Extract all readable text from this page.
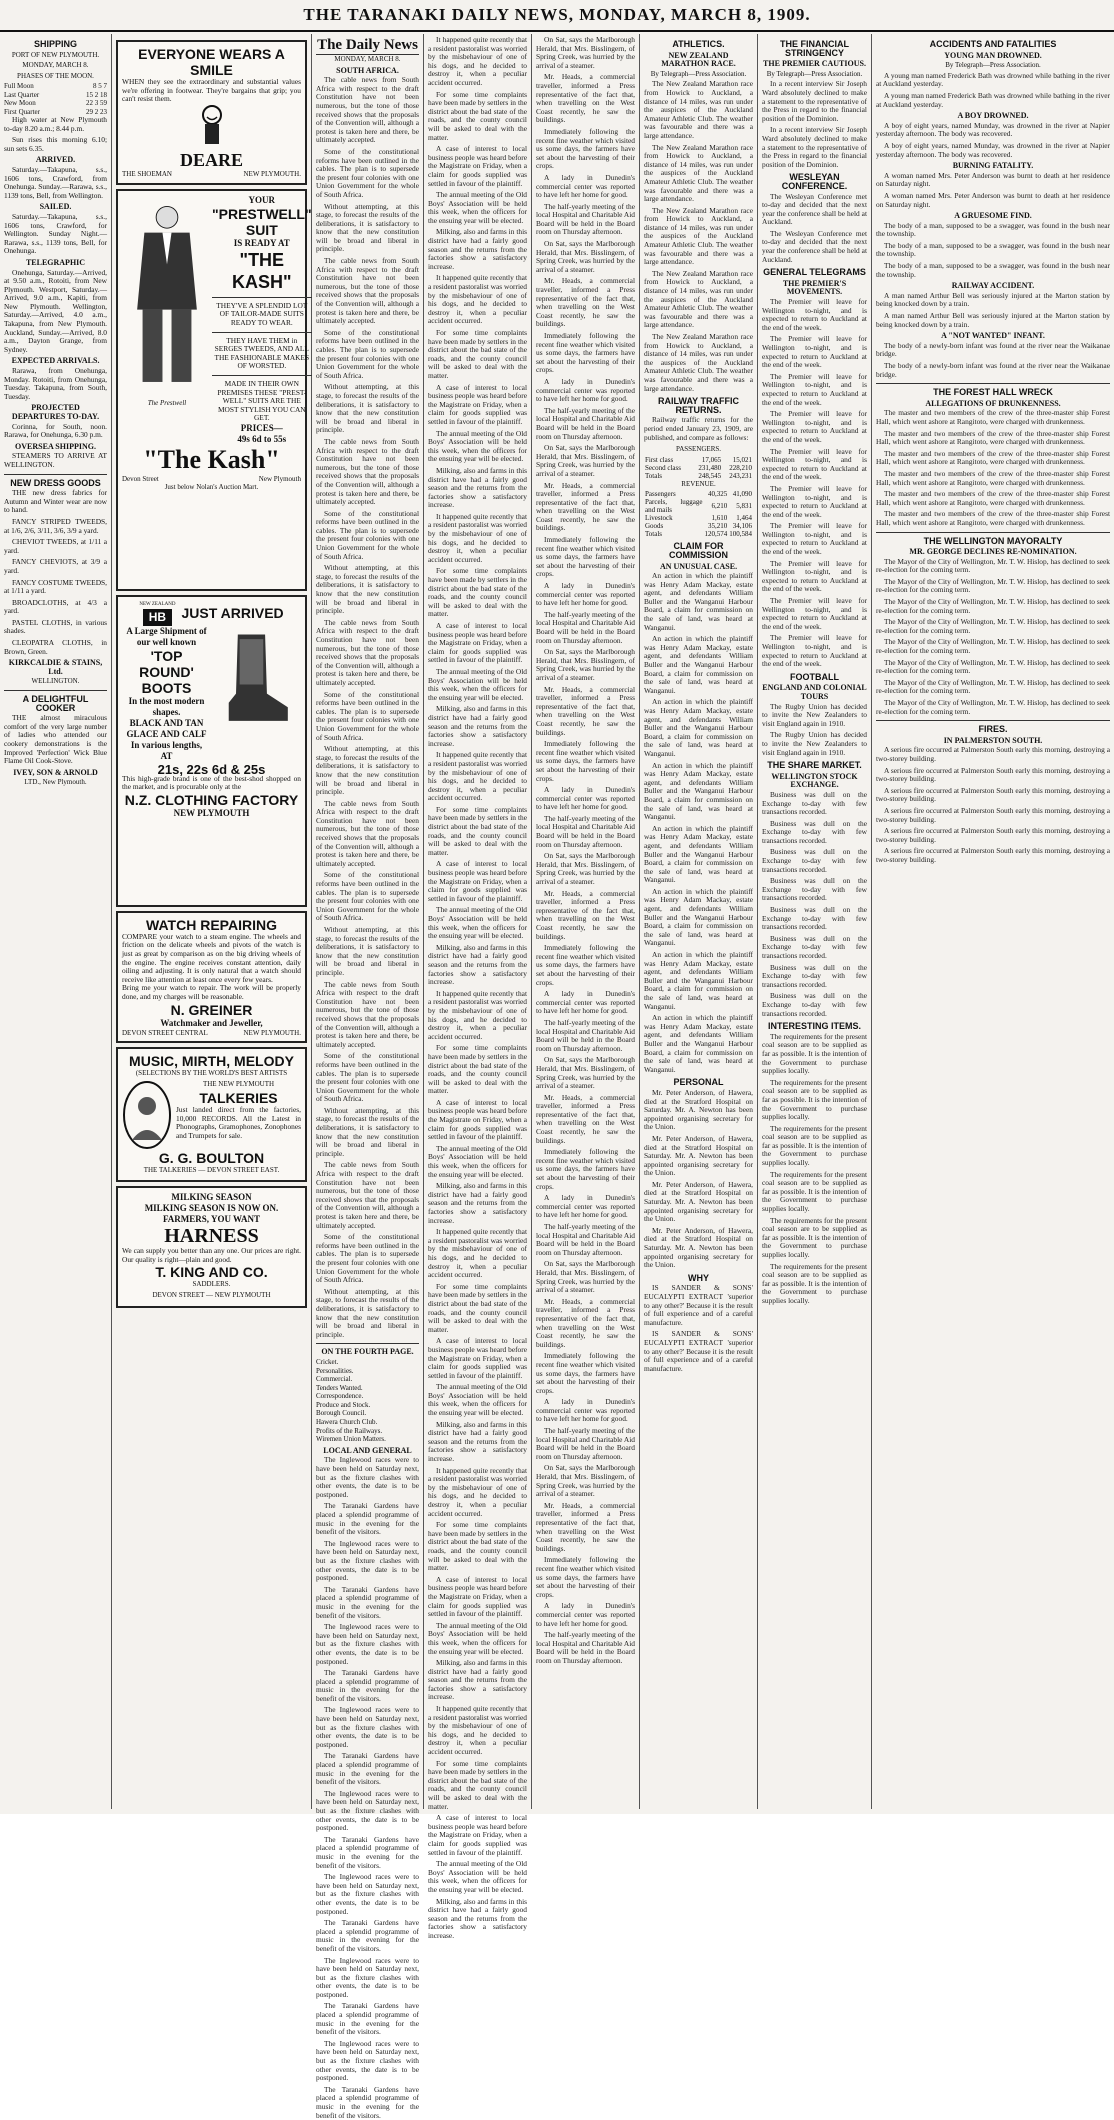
THE TARANAKI DAILY NEWS, MONDAY, MARCH 8, 1909.
SHIPPING
PORT OF NEW PLYMOUTH.
MONDAY, MARCH 8.
PHASES OF THE MOON.
Full Moon	8 5 7
Last Quarter	15 2 18
New Moon	22 3 59
First Quarter	29 2 23

High water at New Plymouth to-day 8.20 a.m.; 8.44 p.m.

Sun rises this morning 6.10; sun sets 6.35.

ARRIVED.

Saturday.—Takapuna, s.s., 1606 tons, Crawford, from Onehunga. Sunday.—Rarawa, s.s., 1139 tons, Bell, from Wellington.

SAILED.

Saturday.—Takapuna, s.s., 1606 tons, Crawford, for Wellington. Sunday Night.—Rarawa, s.s., 1139 tons, Bell, for Onehunga.

TELEGRAPHIC

Onehunga, Saturday.—Arrived, at 9.50 a.m., Rotoiti, from New Plymouth. Westport, Saturday.—Arrived, 9.0 a.m., Kapiti, from New Plymouth. Wellington, Saturday.—Arrived, 4.0 a.m., Takapuna, from New Plymouth. Auckland, Sunday.—Arrived, 8.0 a.m., Dayton Grange, from Sydney.

EXPECTED ARRIVALS.

Rarawa, from Onehunga, Monday. Rotoiti, from Onehunga, Tuesday. Takapuna, from South, Tuesday.

PROJECTED DEPARTURES TO-DAY.

Corinna, for South, noon. Rarawa, for Onehunga, 6.30 p.m.

OVERSEA SHIPPING.

STEAMERS TO ARRIVE AT WELLINGTON.

NEW DRESS GOODS

THE new dress fabrics for Autumn and Winter wear are now to hand.

FANCY STRIPED TWEEDS, at 1/6, 2/6, 3/11, 3/6, 3/9 a yard.

CHEVIOT TWEEDS, at 1/11 a yard.

FANCY CHEVIOTS, at 3/9 a yard.

FANCY COSTUME TWEEDS, at 1/11 a yard.

BROADCLOTHS, at 4/3 a yard.

PASTEL CLOTHS, in various shades.

CLEOPATRA CLOTHS, in Brown, Green.

KIRKCALDIE & STAINS, Ltd.
WELLINGTON.
A DELIGHTFUL COOKER

THE almost miraculous comfort of the very large number of ladies who attended our cookery demonstrations is the Improved 'Perfection' Wick Blue Flame Oil Cook-Stove.

IVEY, SON & ARNOLD
LTD., New Plymouth.
EVERYONE WEARS A SMILE
WHEN they see the extraordinary and substantial values we're offering in footwear. They're bargains that grip; you can't resist them.
DEARE
THE SHOEMAN	NEW PLYMOUTH.
The Prestwell
YOUR
"PRESTWELL"
SUIT
IS READY AT
"THE KASH"
THEY'VE A SPLENDID LOT OF TAILOR-MADE SUITS READY TO WEAR.
THEY HAVE THEM in SERGES TWEEDS, AND ALL THE FASHIONABLE MAKES OF WORSTED.
MADE IN THEIR OWN PREMISES THESE "PREST-WELL" SUITS ARE THE MOST STYLISH YOU CAN GET.
PRICES—
49s 6d to 55s
"The Kash"
Devon Street	New Plymouth
Just below Nolan's Auction Mart.
NEW ZEALAND
HB	JUST ARRIVED
A Large Shipment of our well known
'TOP ROUND' BOOTS
In the most modern shapes.
BLACK AND TAN
GLACE AND CALF
In various lengths,
AT
21s, 22s 6d & 25s
This high-grade brand is one of the best-shod shopped on the market, and is procurable only at the
N.Z. CLOTHING FACTORY
NEW PLYMOUTH
WATCH REPAIRING
COMPARE your watch to a steam engine. The wheels and friction on the delicate wheels and pivots of the watch is just as great by comparison as on the big driving wheels of the engine. The engine receives constant attention, daily oiling and adjusting. It is only natural that a watch should receive like attention at least once every few years.
Bring me your watch to repair. The work will be properly done, and my charges will be reasonable.
N. GREINER
Watchmaker and Jeweller,
DEVON STREET CENTRAL	NEW PLYMOUTH.
MUSIC, MIRTH, MELODY
(SELECTIONS BY THE WORLD'S BEST ARTISTS
THE NEW PLYMOUTH
TALKERIES
Just landed direct from the factories, 10,000 RECORDS. All the Latest in Phonographs, Gramophones, Zonophones and Trumpets for sale.
G. G. BOULTON
THE TALKERIES — DEVON STREET EAST.
MILKING SEASON
MILKING SEASON IS NOW ON. FARMERS, YOU WANT
HARNESS
We can supply you better than any one. Our prices are right. Our quality is right—plain and good.
T. KING AND CO.
SADDLERS.
DEVON STREET — NEW PLYMOUTH
The Daily News
MONDAY, MARCH 8.
SOUTH AFRICA.

The cable news from South Africa with respect to the draft Constitution have not been numerous, but the tone of those received shows that the proposals of the Convention will, although a protest is taken here and there, be ultimately accepted.

Some of the constitutional reforms have been outlined in the cables. The plan is to supersede the present four colonies with one Union Government for the whole of South Africa.

Without attempting, at this stage, to forecast the results of the deliberations, it is satisfactory to know that the new constitution will be broad and liberal in principle.

The cable news from South Africa with respect to the draft Constitution have not been numerous, but the tone of those received shows that the proposals of the Convention will, although a protest is taken here and there, be ultimately accepted.

Some of the constitutional reforms have been outlined in the cables. The plan is to supersede the present four colonies with one Union Government for the whole of South Africa.

Without attempting, at this stage, to forecast the results of the deliberations, it is satisfactory to know that the new constitution will be broad and liberal in principle.

The cable news from South Africa with respect to the draft Constitution have not been numerous, but the tone of those received shows that the proposals of the Convention will, although a protest is taken here and there, be ultimately accepted.

Some of the constitutional reforms have been outlined in the cables. The plan is to supersede the present four colonies with one Union Government for the whole of South Africa.

Without attempting, at this stage, to forecast the results of the deliberations, it is satisfactory to know that the new constitution will be broad and liberal in principle.

The cable news from South Africa with respect to the draft Constitution have not been numerous, but the tone of those received shows that the proposals of the Convention will, although a protest is taken here and there, be ultimately accepted.

Some of the constitutional reforms have been outlined in the cables. The plan is to supersede the present four colonies with one Union Government for the whole of South Africa.

Without attempting, at this stage, to forecast the results of the deliberations, it is satisfactory to know that the new constitution will be broad and liberal in principle.

The cable news from South Africa with respect to the draft Constitution have not been numerous, but the tone of those received shows that the proposals of the Convention will, although a protest is taken here and there, be ultimately accepted.

Some of the constitutional reforms have been outlined in the cables. The plan is to supersede the present four colonies with one Union Government for the whole of South Africa.

Without attempting, at this stage, to forecast the results of the deliberations, it is satisfactory to know that the new constitution will be broad and liberal in principle.

The cable news from South Africa with respect to the draft Constitution have not been numerous, but the tone of those received shows that the proposals of the Convention will, although a protest is taken here and there, be ultimately accepted.

Some of the constitutional reforms have been outlined in the cables. The plan is to supersede the present four colonies with one Union Government for the whole of South Africa.

Without attempting, at this stage, to forecast the results of the deliberations, it is satisfactory to know that the new constitution will be broad and liberal in principle.

The cable news from South Africa with respect to the draft Constitution have not been numerous, but the tone of those received shows that the proposals of the Convention will, although a protest is taken here and there, be ultimately accepted.

Some of the constitutional reforms have been outlined in the cables. The plan is to supersede the present four colonies with one Union Government for the whole of South Africa.

Without attempting, at this stage, to forecast the results of the deliberations, it is satisfactory to know that the new constitution will be broad and liberal in principle.

ON THE FOURTH PAGE.
Cricket.
Personalities.
Commercial.
Tenders Wanted.
Correspondence.
Produce and Stock.
Borough Council.
Hawera Church Club.
Profits of the Railways.
Wiremen Union Matters.
LOCAL AND GENERAL

The Inglewood races were to have been held on Saturday next, but as the fixture clashes with other events, the date is to be postponed.

The Taranaki Gardens have placed a splendid programme of music in the evening for the benefit of the visitors.

The Inglewood races were to have been held on Saturday next, but as the fixture clashes with other events, the date is to be postponed.

The Taranaki Gardens have placed a splendid programme of music in the evening for the benefit of the visitors.

The Inglewood races were to have been held on Saturday next, but as the fixture clashes with other events, the date is to be postponed.

The Taranaki Gardens have placed a splendid programme of music in the evening for the benefit of the visitors.

The Inglewood races were to have been held on Saturday next, but as the fixture clashes with other events, the date is to be postponed.

The Taranaki Gardens have placed a splendid programme of music in the evening for the benefit of the visitors.

The Inglewood races were to have been held on Saturday next, but as the fixture clashes with other events, the date is to be postponed.

The Taranaki Gardens have placed a splendid programme of music in the evening for the benefit of the visitors.

The Inglewood races were to have been held on Saturday next, but as the fixture clashes with other events, the date is to be postponed.

The Taranaki Gardens have placed a splendid programme of music in the evening for the benefit of the visitors.

The Inglewood races were to have been held on Saturday next, but as the fixture clashes with other events, the date is to be postponed.

The Taranaki Gardens have placed a splendid programme of music in the evening for the benefit of the visitors.

The Inglewood races were to have been held on Saturday next, but as the fixture clashes with other events, the date is to be postponed.

The Taranaki Gardens have placed a splendid programme of music in the evening for the benefit of the visitors.

It happened quite recently that a resident pastoralist was worried by the misbehaviour of one of his dogs, and he decided to destroy it, when a peculiar accident occurred.

For some time complaints have been made by settlers in the district about the bad state of the roads, and the county council will be asked to deal with the matter.

A case of interest to local business people was heard before the Magistrate on Friday, when a claim for goods supplied was settled in favour of the plaintiff.

The annual meeting of the Old Boys' Association will be held this week, when the officers for the ensuing year will be elected.

Milking, also and farms in this district have had a fairly good season and the returns from the factories show a satisfactory increase.

It happened quite recently that a resident pastoralist was worried by the misbehaviour of one of his dogs, and he decided to destroy it, when a peculiar accident occurred.

For some time complaints have been made by settlers in the district about the bad state of the roads, and the county council will be asked to deal with the matter.

A case of interest to local business people was heard before the Magistrate on Friday, when a claim for goods supplied was settled in favour of the plaintiff.

The annual meeting of the Old Boys' Association will be held this week, when the officers for the ensuing year will be elected.

Milking, also and farms in this district have had a fairly good season and the returns from the factories show a satisfactory increase.

It happened quite recently that a resident pastoralist was worried by the misbehaviour of one of his dogs, and he decided to destroy it, when a peculiar accident occurred.

For some time complaints have been made by settlers in the district about the bad state of the roads, and the county council will be asked to deal with the matter.

A case of interest to local business people was heard before the Magistrate on Friday, when a claim for goods supplied was settled in favour of the plaintiff.

The annual meeting of the Old Boys' Association will be held this week, when the officers for the ensuing year will be elected.

Milking, also and farms in this district have had a fairly good season and the returns from the factories show a satisfactory increase.

It happened quite recently that a resident pastoralist was worried by the misbehaviour of one of his dogs, and he decided to destroy it, when a peculiar accident occurred.

For some time complaints have been made by settlers in the district about the bad state of the roads, and the county council will be asked to deal with the matter.

A case of interest to local business people was heard before the Magistrate on Friday, when a claim for goods supplied was settled in favour of the plaintiff.

The annual meeting of the Old Boys' Association will be held this week, when the officers for the ensuing year will be elected.

Milking, also and farms in this district have had a fairly good season and the returns from the factories show a satisfactory increase.

It happened quite recently that a resident pastoralist was worried by the misbehaviour of one of his dogs, and he decided to destroy it, when a peculiar accident occurred.

For some time complaints have been made by settlers in the district about the bad state of the roads, and the county council will be asked to deal with the matter.

A case of interest to local business people was heard before the Magistrate on Friday, when a claim for goods supplied was settled in favour of the plaintiff.

The annual meeting of the Old Boys' Association will be held this week, when the officers for the ensuing year will be elected.

Milking, also and farms in this district have had a fairly good season and the returns from the factories show a satisfactory increase.

It happened quite recently that a resident pastoralist was worried by the misbehaviour of one of his dogs, and he decided to destroy it, when a peculiar accident occurred.

For some time complaints have been made by settlers in the district about the bad state of the roads, and the county council will be asked to deal with the matter.

A case of interest to local business people was heard before the Magistrate on Friday, when a claim for goods supplied was settled in favour of the plaintiff.

The annual meeting of the Old Boys' Association will be held this week, when the officers for the ensuing year will be elected.

Milking, also and farms in this district have had a fairly good season and the returns from the factories show a satisfactory increase.

It happened quite recently that a resident pastoralist was worried by the misbehaviour of one of his dogs, and he decided to destroy it, when a peculiar accident occurred.

For some time complaints have been made by settlers in the district about the bad state of the roads, and the county council will be asked to deal with the matter.

A case of interest to local business people was heard before the Magistrate on Friday, when a claim for goods supplied was settled in favour of the plaintiff.

The annual meeting of the Old Boys' Association will be held this week, when the officers for the ensuing year will be elected.

Milking, also and farms in this district have had a fairly good season and the returns from the factories show a satisfactory increase.

It happened quite recently that a resident pastoralist was worried by the misbehaviour of one of his dogs, and he decided to destroy it, when a peculiar accident occurred.

For some time complaints have been made by settlers in the district about the bad state of the roads, and the county council will be asked to deal with the matter.

A case of interest to local business people was heard before the Magistrate on Friday, when a claim for goods supplied was settled in favour of the plaintiff.

The annual meeting of the Old Boys' Association will be held this week, when the officers for the ensuing year will be elected.

Milking, also and farms in this district have had a fairly good season and the returns from the factories show a satisfactory increase.

On Sat, says the Marlborough Herald, that Mrs. Bisslingern, of Spring Creek, was hurried by the arrival of a steamer.

Mr. Heads, a commercial traveller, informed a Press representative of the fact that, when travelling on the West Coast recently, he saw the buildings.

Immediately following the recent fine weather which visited us some days, the farmers have set about the harvesting of their crops.

A lady in Dunedin's commercial center was reported to have left her home for good.

The half-yearly meeting of the local Hospital and Charitable Aid Board will be held in the Board room on Thursday afternoon.

On Sat, says the Marlborough Herald, that Mrs. Bisslingern, of Spring Creek, was hurried by the arrival of a steamer.

Mr. Heads, a commercial traveller, informed a Press representative of the fact that, when travelling on the West Coast recently, he saw the buildings.

Immediately following the recent fine weather which visited us some days, the farmers have set about the harvesting of their crops.

A lady in Dunedin's commercial center was reported to have left her home for good.

The half-yearly meeting of the local Hospital and Charitable Aid Board will be held in the Board room on Thursday afternoon.

On Sat, says the Marlborough Herald, that Mrs. Bisslingern, of Spring Creek, was hurried by the arrival of a steamer.

Mr. Heads, a commercial traveller, informed a Press representative of the fact that, when travelling on the West Coast recently, he saw the buildings.

Immediately following the recent fine weather which visited us some days, the farmers have set about the harvesting of their crops.

A lady in Dunedin's commercial center was reported to have left her home for good.

The half-yearly meeting of the local Hospital and Charitable Aid Board will be held in the Board room on Thursday afternoon.

On Sat, says the Marlborough Herald, that Mrs. Bisslingern, of Spring Creek, was hurried by the arrival of a steamer.

Mr. Heads, a commercial traveller, informed a Press representative of the fact that, when travelling on the West Coast recently, he saw the buildings.

Immediately following the recent fine weather which visited us some days, the farmers have set about the harvesting of their crops.

A lady in Dunedin's commercial center was reported to have left her home for good.

The half-yearly meeting of the local Hospital and Charitable Aid Board will be held in the Board room on Thursday afternoon.

On Sat, says the Marlborough Herald, that Mrs. Bisslingern, of Spring Creek, was hurried by the arrival of a steamer.

Mr. Heads, a commercial traveller, informed a Press representative of the fact that, when travelling on the West Coast recently, he saw the buildings.

Immediately following the recent fine weather which visited us some days, the farmers have set about the harvesting of their crops.

A lady in Dunedin's commercial center was reported to have left her home for good.

The half-yearly meeting of the local Hospital and Charitable Aid Board will be held in the Board room on Thursday afternoon.

On Sat, says the Marlborough Herald, that Mrs. Bisslingern, of Spring Creek, was hurried by the arrival of a steamer.

Mr. Heads, a commercial traveller, informed a Press representative of the fact that, when travelling on the West Coast recently, he saw the buildings.

Immediately following the recent fine weather which visited us some days, the farmers have set about the harvesting of their crops.

A lady in Dunedin's commercial center was reported to have left her home for good.

The half-yearly meeting of the local Hospital and Charitable Aid Board will be held in the Board room on Thursday afternoon.

On Sat, says the Marlborough Herald, that Mrs. Bisslingern, of Spring Creek, was hurried by the arrival of a steamer.

Mr. Heads, a commercial traveller, informed a Press representative of the fact that, when travelling on the West Coast recently, he saw the buildings.

Immediately following the recent fine weather which visited us some days, the farmers have set about the harvesting of their crops.

A lady in Dunedin's commercial center was reported to have left her home for good.

The half-yearly meeting of the local Hospital and Charitable Aid Board will be held in the Board room on Thursday afternoon.

On Sat, says the Marlborough Herald, that Mrs. Bisslingern, of Spring Creek, was hurried by the arrival of a steamer.

Mr. Heads, a commercial traveller, informed a Press representative of the fact that, when travelling on the West Coast recently, he saw the buildings.

Immediately following the recent fine weather which visited us some days, the farmers have set about the harvesting of their crops.

A lady in Dunedin's commercial center was reported to have left her home for good.

The half-yearly meeting of the local Hospital and Charitable Aid Board will be held in the Board room on Thursday afternoon.

ATHLETICS.
NEW ZEALAND MARATHON RACE.
By Telegraph—Press Association.

The New Zealand Marathon race from Howick to Auckland, a distance of 14 miles, was run under the auspices of the Auckland Amateur Athletic Club. The weather was favourable and there was a large attendance.

The New Zealand Marathon race from Howick to Auckland, a distance of 14 miles, was run under the auspices of the Auckland Amateur Athletic Club. The weather was favourable and there was a large attendance.

The New Zealand Marathon race from Howick to Auckland, a distance of 14 miles, was run under the auspices of the Auckland Amateur Athletic Club. The weather was favourable and there was a large attendance.

The New Zealand Marathon race from Howick to Auckland, a distance of 14 miles, was run under the auspices of the Auckland Amateur Athletic Club. The weather was favourable and there was a large attendance.

The New Zealand Marathon race from Howick to Auckland, a distance of 14 miles, was run under the auspices of the Auckland Amateur Athletic Club. The weather was favourable and there was a large attendance.

RAILWAY TRAFFIC RETURNS.

Railway traffic returns for the period ended January 23, 1909, are published, and compare as follows:

PASSENGERS.
First class	17,065	15,021
Second class	231,480	228,210
Totals	248,545	243,231
REVENUE.
Passengers	40,325	41,090
Parcels, luggage and mails	6,210	5,831
Livestock	1,610	1,464
Goods	35,210	34,106
Totals	120,574	100,584
CLAIM FOR COMMISSION
AN UNUSUAL CASE.

An action in which the plaintiff was Henry Adam Mackay, estate agent, and defendants William Buller and the Wanganui Harbour Board, a claim for commission on the sale of land, was heard at Wanganui.

An action in which the plaintiff was Henry Adam Mackay, estate agent, and defendants William Buller and the Wanganui Harbour Board, a claim for commission on the sale of land, was heard at Wanganui.

An action in which the plaintiff was Henry Adam Mackay, estate agent, and defendants William Buller and the Wanganui Harbour Board, a claim for commission on the sale of land, was heard at Wanganui.

An action in which the plaintiff was Henry Adam Mackay, estate agent, and defendants William Buller and the Wanganui Harbour Board, a claim for commission on the sale of land, was heard at Wanganui.

An action in which the plaintiff was Henry Adam Mackay, estate agent, and defendants William Buller and the Wanganui Harbour Board, a claim for commission on the sale of land, was heard at Wanganui.

An action in which the plaintiff was Henry Adam Mackay, estate agent, and defendants William Buller and the Wanganui Harbour Board, a claim for commission on the sale of land, was heard at Wanganui.

An action in which the plaintiff was Henry Adam Mackay, estate agent, and defendants William Buller and the Wanganui Harbour Board, a claim for commission on the sale of land, was heard at Wanganui.

An action in which the plaintiff was Henry Adam Mackay, estate agent, and defendants William Buller and the Wanganui Harbour Board, a claim for commission on the sale of land, was heard at Wanganui.

PERSONAL

Mr. Peter Anderson, of Hawera, died at the Stratford Hospital on Saturday. Mr. A. Newton has been appointed organising secretary for the Union.

Mr. Peter Anderson, of Hawera, died at the Stratford Hospital on Saturday. Mr. A. Newton has been appointed organising secretary for the Union.

Mr. Peter Anderson, of Hawera, died at the Stratford Hospital on Saturday. Mr. A. Newton has been appointed organising secretary for the Union.

Mr. Peter Anderson, of Hawera, died at the Stratford Hospital on Saturday. Mr. A. Newton has been appointed organising secretary for the Union.

WHY

IS SANDER & SONS' EUCALYPTI EXTRACT 'superior to any other?' Because it is the result of full experience and of a careful manufacture.

IS SANDER & SONS' EUCALYPTI EXTRACT 'superior to any other?' Because it is the result of full experience and of a careful manufacture.

THE FINANCIAL STRINGENCY
THE PREMIER CAUTIOUS.
By Telegraph—Press Association.

In a recent interview Sir Joseph Ward absolutely declined to make a statement to the representative of the Press in regard to the financial position of the Dominion.

In a recent interview Sir Joseph Ward absolutely declined to make a statement to the representative of the Press in regard to the financial position of the Dominion.

WESLEYAN CONFERENCE.

The Wesleyan Conference met to-day and decided that the next year the conference shall be held at Auckland.

The Wesleyan Conference met to-day and decided that the next year the conference shall be held at Auckland.

GENERAL TELEGRAMS
THE PREMIER'S MOVEMENTS.

The Premier will leave for Wellington to-night, and is expected to return to Auckland at the end of the week.

The Premier will leave for Wellington to-night, and is expected to return to Auckland at the end of the week.

The Premier will leave for Wellington to-night, and is expected to return to Auckland at the end of the week.

The Premier will leave for Wellington to-night, and is expected to return to Auckland at the end of the week.

The Premier will leave for Wellington to-night, and is expected to return to Auckland at the end of the week.

The Premier will leave for Wellington to-night, and is expected to return to Auckland at the end of the week.

The Premier will leave for Wellington to-night, and is expected to return to Auckland at the end of the week.

The Premier will leave for Wellington to-night, and is expected to return to Auckland at the end of the week.

The Premier will leave for Wellington to-night, and is expected to return to Auckland at the end of the week.

The Premier will leave for Wellington to-night, and is expected to return to Auckland at the end of the week.

FOOTBALL
ENGLAND AND COLONIAL TOURS

The Rugby Union has decided to invite the New Zealanders to visit England again in 1910.

The Rugby Union has decided to invite the New Zealanders to visit England again in 1910.

THE SHARE MARKET.
WELLINGTON STOCK EXCHANGE.

Business was dull on the Exchange to-day with few transactions recorded.

Business was dull on the Exchange to-day with few transactions recorded.

Business was dull on the Exchange to-day with few transactions recorded.

Business was dull on the Exchange to-day with few transactions recorded.

Business was dull on the Exchange to-day with few transactions recorded.

Business was dull on the Exchange to-day with few transactions recorded.

Business was dull on the Exchange to-day with few transactions recorded.

Business was dull on the Exchange to-day with few transactions recorded.

INTERESTING ITEMS.

The requirements for the present coal season are to be supplied as far as possible. It is the intention of the Government to purchase supplies locally.

The requirements for the present coal season are to be supplied as far as possible. It is the intention of the Government to purchase supplies locally.

The requirements for the present coal season are to be supplied as far as possible. It is the intention of the Government to purchase supplies locally.

The requirements for the present coal season are to be supplied as far as possible. It is the intention of the Government to purchase supplies locally.

The requirements for the present coal season are to be supplied as far as possible. It is the intention of the Government to purchase supplies locally.

The requirements for the present coal season are to be supplied as far as possible. It is the intention of the Government to purchase supplies locally.

ACCIDENTS AND FATALITIES
YOUNG MAN DROWNED.
By Telegraph—Press Association.

A young man named Frederick Bath was drowned while bathing in the river at Auckland yesterday.

A young man named Frederick Bath was drowned while bathing in the river at Auckland yesterday.

A BOY DROWNED.

A boy of eight years, named Munday, was drowned in the river at Napier yesterday afternoon. The body was recovered.

A boy of eight years, named Munday, was drowned in the river at Napier yesterday afternoon. The body was recovered.

BURNING FATALITY.

A woman named Mrs. Peter Anderson was burnt to death at her residence on Saturday night.

A woman named Mrs. Peter Anderson was burnt to death at her residence on Saturday night.

A GRUESOME FIND.

The body of a man, supposed to be a swagger, was found in the bush near the township.

The body of a man, supposed to be a swagger, was found in the bush near the township.

The body of a man, supposed to be a swagger, was found in the bush near the township.

RAILWAY ACCIDENT.

A man named Arthur Bell was seriously injured at the Marton station by being knocked down by a train.

A man named Arthur Bell was seriously injured at the Marton station by being knocked down by a train.

A "NOT WANTED" INFANT.

The body of a newly-born infant was found at the river near the Waikanae bridge.

The body of a newly-born infant was found at the river near the Waikanae bridge.

THE FOREST HALL WRECK
ALLEGATIONS OF DRUNKENNESS.

The master and two members of the crew of the three-master ship Forest Hall, which went ashore at Rangitoto, were charged with drunkenness.

The master and two members of the crew of the three-master ship Forest Hall, which went ashore at Rangitoto, were charged with drunkenness.

The master and two members of the crew of the three-master ship Forest Hall, which went ashore at Rangitoto, were charged with drunkenness.

The master and two members of the crew of the three-master ship Forest Hall, which went ashore at Rangitoto, were charged with drunkenness.

The master and two members of the crew of the three-master ship Forest Hall, which went ashore at Rangitoto, were charged with drunkenness.

The master and two members of the crew of the three-master ship Forest Hall, which went ashore at Rangitoto, were charged with drunkenness.

THE WELLINGTON MAYORALTY
MR. GEORGE DECLINES RE-NOMINATION.

The Mayor of the City of Wellington, Mr. T. W. Hislop, has declined to seek re-election for the coming term.

The Mayor of the City of Wellington, Mr. T. W. Hislop, has declined to seek re-election for the coming term.

The Mayor of the City of Wellington, Mr. T. W. Hislop, has declined to seek re-election for the coming term.

The Mayor of the City of Wellington, Mr. T. W. Hislop, has declined to seek re-election for the coming term.

The Mayor of the City of Wellington, Mr. T. W. Hislop, has declined to seek re-election for the coming term.

The Mayor of the City of Wellington, Mr. T. W. Hislop, has declined to seek re-election for the coming term.

The Mayor of the City of Wellington, Mr. T. W. Hislop, has declined to seek re-election for the coming term.

The Mayor of the City of Wellington, Mr. T. W. Hislop, has declined to seek re-election for the coming term.

FIRES.
IN PALMERSTON SOUTH.

A serious fire occurred at Palmerston South early this morning, destroying a two-storey building.

A serious fire occurred at Palmerston South early this morning, destroying a two-storey building.

A serious fire occurred at Palmerston South early this morning, destroying a two-storey building.

A serious fire occurred at Palmerston South early this morning, destroying a two-storey building.

A serious fire occurred at Palmerston South early this morning, destroying a two-storey building.

A serious fire occurred at Palmerston South early this morning, destroying a two-storey building.
